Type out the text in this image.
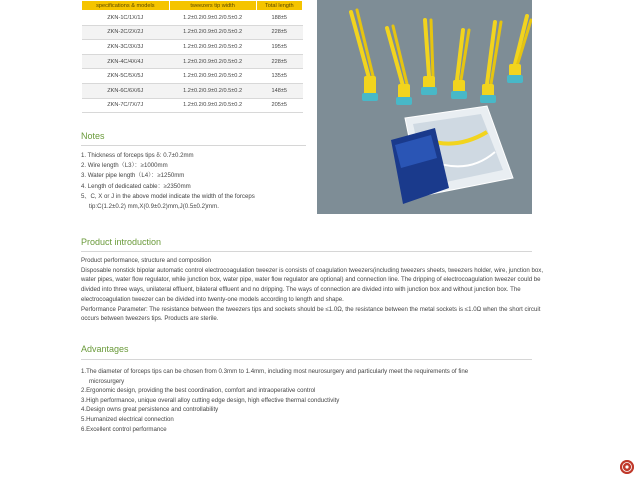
specifications & models	tweezers tip width	Total length
ZKN-1C/1X/1J	1.2±0.2/0.9±0.2/0.5±0.2	188±5
ZKN-2C/2X/2J	1.2±0.2/0.9±0.2/0.5±0.2	228±5
ZKN-3C/3X/3J	1.2±0.2/0.9±0.2/0.5±0.2	195±5
ZKN-4C/4X/4J	1.2±0.2/0.9±0.2/0.5±0.2	228±5
ZKN-5C/5X/5J	1.2±0.2/0.9±0.2/0.5±0.2	135±5
ZKN-6C/6X/6J	1.2±0.2/0.9±0.2/0.5±0.2	148±5
ZKN-7C/7X/7J	1.2±0.2/0.9±0.2/0.5±0.2	205±5
Notes
1. Thickness of forceps tips δ: 0.7±0.2mm
2. Wire length（L3）：≥1000mm
3. Water pipe length（L4）：≥1250mm
4. Length of dedicated cable：≥2350mm
5、C, X or J in the above model indicate the width of the forceps
tip:C(1.2±0.2) mm,X(0.9±0.2)mm,J(0.5±0.2)mm.
Product introduction

Product performance, structure and composition

Disposable nonstick bipolar automatic control electrocoagulation tweezer is consists of coagulation tweezers(including tweezers sheets, tweezers holder, wire, junction box, water pipes, water flow regulator, while junction box, water pipe, water flow regulator are optional) and connection line. The dripping of electrocoagulation tweezer could be divided into three ways, unilateral effluent, bilateral effluent and no dripping. The ways of connection are divided into with junction box and without junction box. The electrocoagulation tweezer can be divided into twenty-one models according to length and shape.

Performance Parameter: The resistance between the tweezers tips and sockets should be ≤1.0Ω, the resistance between the metal sockets is ≤1.0Ω when the short circuit occurs between tweezers tips. Products are sterile.

Advantages
1.The diameter of forceps tips can be chosen from 0.3mm to 1.4mm, including most neurosurgery and particularly meet the requirements of fine
microsurgery
2.Ergonomic design, providing the best coordination, comfort and intraoperative control
3.High performance, unique overall alloy cutting edge design, high effective thermal conductivity
4.Design owns great persistence and controllability
5.Humanized electrical connection
6.Excellent control performance
